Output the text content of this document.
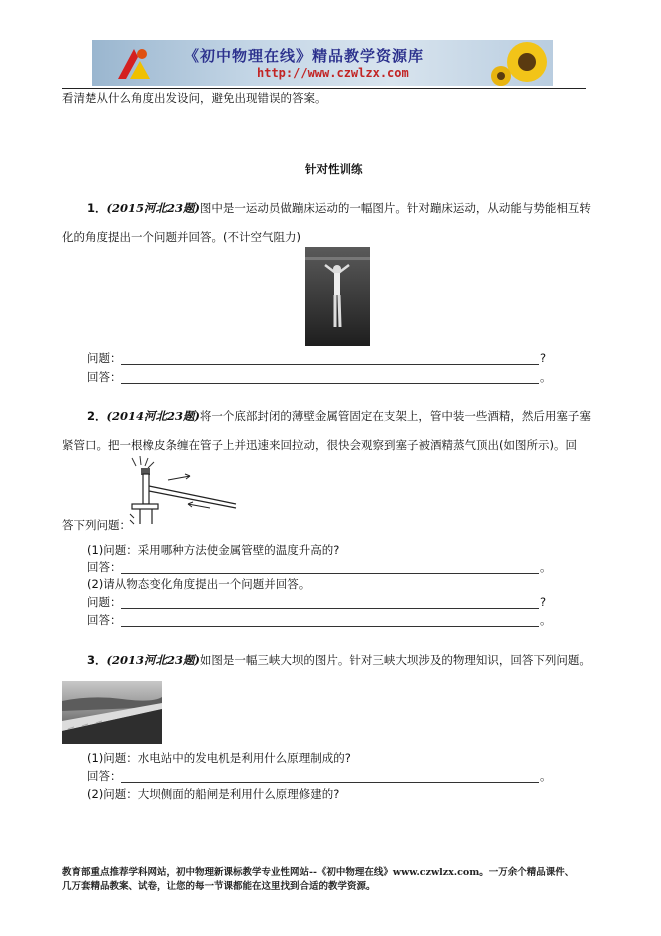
《初中物理在线》精品教学资源库
http://www.czwlzx.com
看清楚从什么角度出发设问，避免出现错误的答案。
针对性训练
1．(2015河北23题)图中是一运动员做蹦床运动的一幅图片。针对蹦床运动，从动能与势能相互转
化的角度提出一个问题并回答。(不计空气阻力)
问题：	?
回答：	。
2．(2014河北23题)将一个底部封闭的薄壁金属管固定在支架上，管中装一些酒精，然后用塞子塞
紧管口。把一根橡皮条缠在管子上并迅速来回拉动，很快会观察到塞子被酒精蒸气顶出(如图所示)。回
答下列问题：
(1)问题：采用哪种方法使金属管壁的温度升高的?
回答：	。
(2)请从物态变化角度提出一个问题并回答。
问题：	?
回答：	。
3．(2013河北23题)如图是一幅三峡大坝的图片。针对三峡大坝涉及的物理知识，回答下列问题。
(1)问题：水电站中的发电机是利用什么原理制成的?
回答：	。
(2)问题：大坝侧面的船闸是利用什么原理修建的?
教育部重点推荐学科网站，初中物理新课标教学专业性网站--《初中物理在线》www.czwlzx.com。一万余个精品课件、
几万套精品教案、试卷，让您的每一节课都能在这里找到合适的教学资源。
